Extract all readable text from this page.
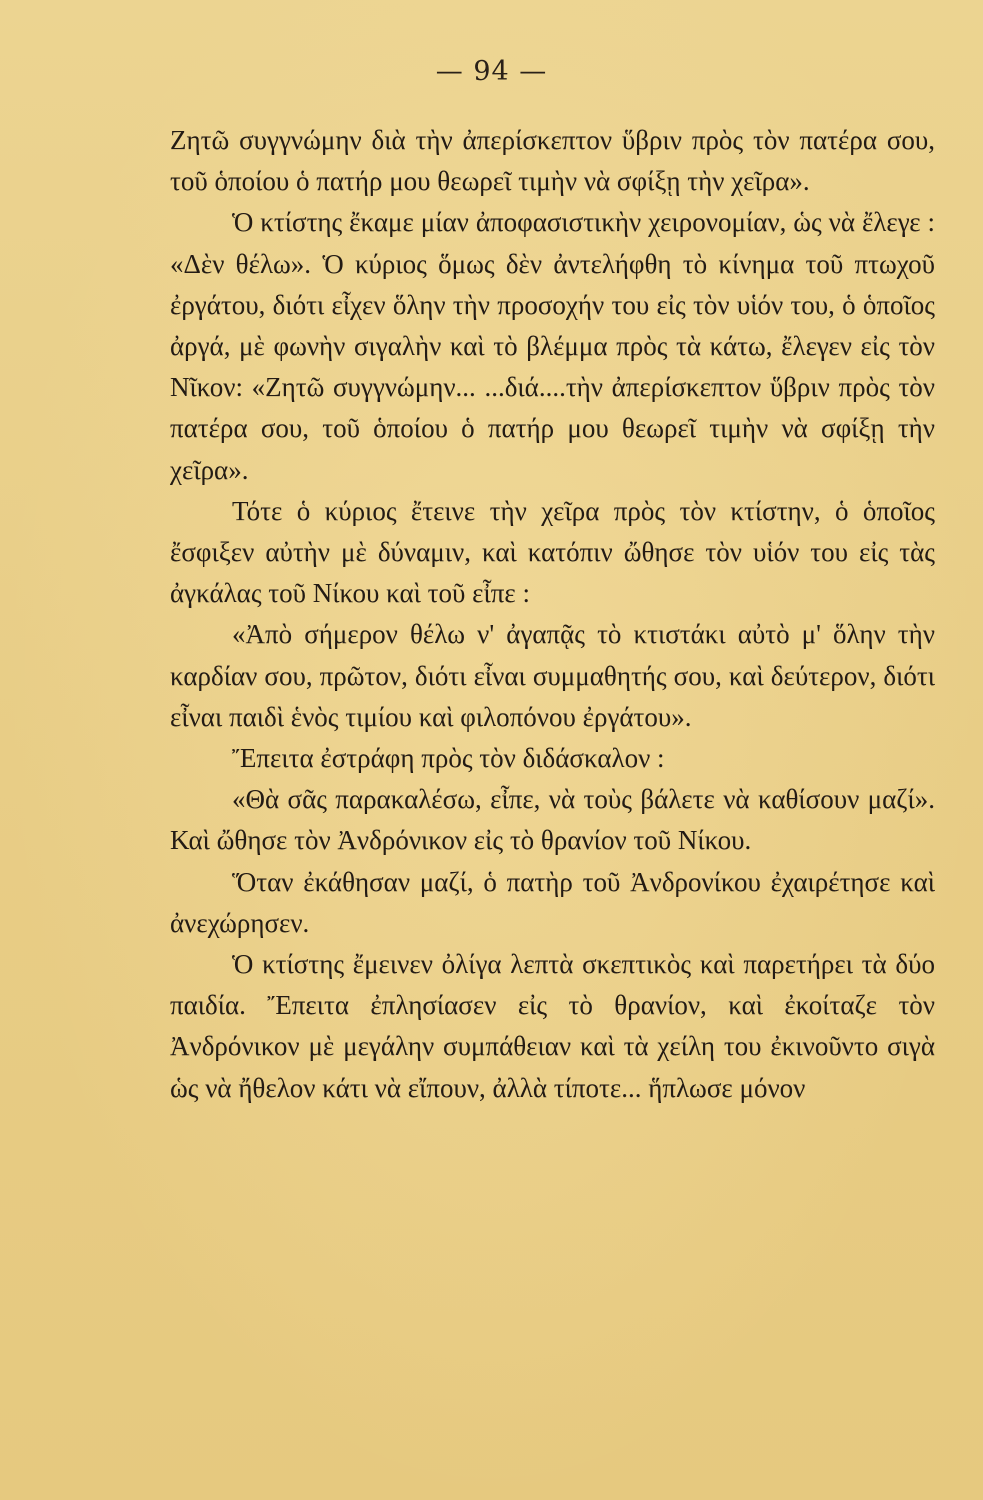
— 94 —

Ζητῶ συγγνώμην διὰ τὴν ἀπερίσκεπτον ὕβριν πρὸς τὸν πατέρα σου, τοῦ ὁποίου ὁ πατήρ μου θεωρεῖ τιμὴν νὰ σφίξῃ τὴν χεῖρα».

Ὁ κτίστης ἔκαμε μίαν ἀποφασιστικὴν χειρονομίαν, ὡς νὰ ἔλεγε : «Δὲν θέλω». Ὁ κύριος ὅμως δὲν ἀντελήφθη τὸ κίνημα τοῦ πτωχοῦ ἐργάτου, διότι εἶχεν ὅλην τὴν προσοχήν του εἰς τὸν υἱόν του, ὁ ὁποῖος ἀργά, μὲ φωνὴν σιγαλὴν καὶ τὸ βλέμμα πρὸς τὰ κάτω, ἔλεγεν εἰς τὸν Νῖκον: «Ζητῶ συγγνώμην... ...διά....τὴν ἀπερίσκεπτον ὕβριν πρὸς τὸν πατέρα σου, τοῦ ὁποίου ὁ πατήρ μου θεωρεῖ τιμὴν νὰ σφίξῃ τὴν χεῖρα».

Τότε ὁ κύριος ἔτεινε τὴν χεῖρα πρὸς τὸν κτίστην, ὁ ὁποῖος ἔσφιξεν αὐτὴν μὲ δύναμιν, καὶ κατόπιν ὤθησε τὸν υἱόν του εἰς τὰς ἀγκάλας τοῦ Νίκου καὶ τοῦ εἶπε :

«Ἀπὸ σήμερον θέλω ν' ἀγαπᾷς τὸ κτιστάκι αὐτὸ μ' ὅλην τὴν καρδίαν σου, πρῶτον, διότι εἶναι συμμαθητής σου, καὶ δεύτερον, διότι εἶναι παιδὶ ἑνὸς τιμίου καὶ φιλοπόνου ἐργάτου».

Ἔπειτα ἐστράφη πρὸς τὸν διδάσκαλον :

«Θὰ σᾶς παρακαλέσω, εἶπε, νὰ τοὺς βάλετε νὰ καθίσουν μαζί». Καὶ ὤθησε τὸν Ἀνδρόνικον εἰς τὸ θρανίον τοῦ Νίκου.

Ὅταν ἐκάθησαν μαζί, ὁ πατὴρ τοῦ Ἀνδρονίκου ἐχαιρέτησε καὶ ἀνεχώρησεν.

Ὁ κτίστης ἔμεινεν ὀλίγα λεπτὰ σκεπτικὸς καὶ παρετήρει τὰ δύο παιδία. Ἔπειτα ἐπλησίασεν εἰς τὸ θρανίον, καὶ ἐκοίταζε τὸν Ἀνδρόνικον μὲ μεγάλην συμπάθειαν καὶ τὰ χείλη του ἐκινοῦντο σιγὰ ὡς νὰ ἤθελον κάτι νὰ εἴπουν, ἀλλὰ τίποτε... ἥπλωσε μόνον
